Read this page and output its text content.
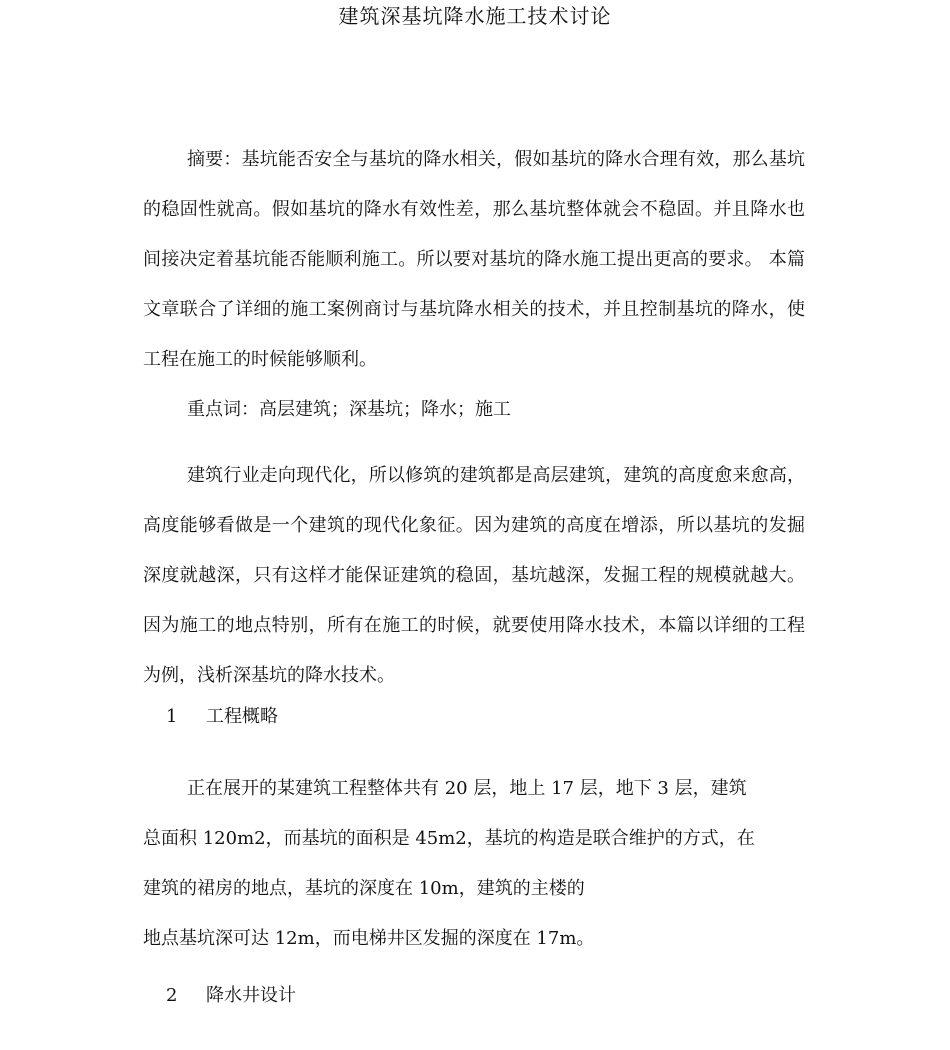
建筑深基坑降水施工技术讨论

摘要：基坑能否安全与基坑的降水相关，假如基坑的降水合理有效，那么基坑的稳固性就高。假如基坑的降水有效性差，那么基坑整体就会不稳固。并且降水也间接决定着基坑能否能顺利施工。所以要对基坑的降水施工提出更高的要求。 本篇文章联合了详细的施工案例商讨与基坑降水相关的技术，并且控制基坑的降水，使工程在施工的时候能够顺利。

重点词：高层建筑；深基坑；降水；施工

建筑行业走向现代化，所以修筑的建筑都是高层建筑，建筑的高度愈来愈高，高度能够看做是一个建筑的现代化象征。因为建筑的高度在增添，所以基坑的发掘深度就越深，只有这样才能保证建筑的稳固，基坑越深，发掘工程的规模就越大。因为施工的地点特别，所有在施工的时候，就要使用降水技术，本篇以详细的工程为例，浅析深基坑的降水技术。

1 工程概略

正在展开的某建筑工程整体共有 20 层，地上 17 层，地下 3 层，建筑

总面积 120m2，而基坑的面积是 45m2，基坑的构造是联合维护的方式，在

建筑的裙房的地点，基坑的深度在 10m，建筑的主楼的

地点基坑深可达 12m，而电梯井区发掘的深度在 17m。

2 降水井设计
